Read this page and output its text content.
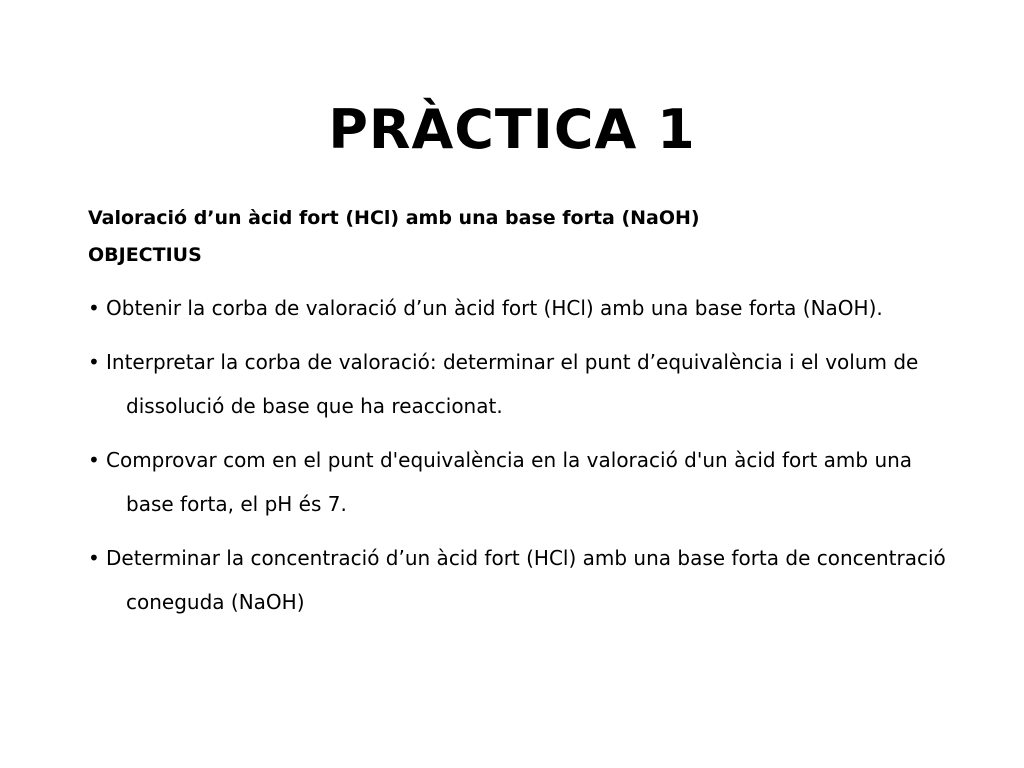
PRÀCTICA 1
Valoració d’un àcid fort (HCl) amb una base forta (NaOH)
OBJECTIUS
• Obtenir la corba de valoració d’un àcid fort (HCl) amb una base forta (NaOH).
• Interpretar la corba de valoració: determinar el punt d’equivalència i el volum de dissolució de base que ha reaccionat.
• Comprovar com en el punt d'equivalència en la valoració d'un àcid fort amb una base forta, el pH és 7.
• Determinar la concentració d’un àcid fort (HCl) amb una base forta de concentració coneguda (NaOH)
